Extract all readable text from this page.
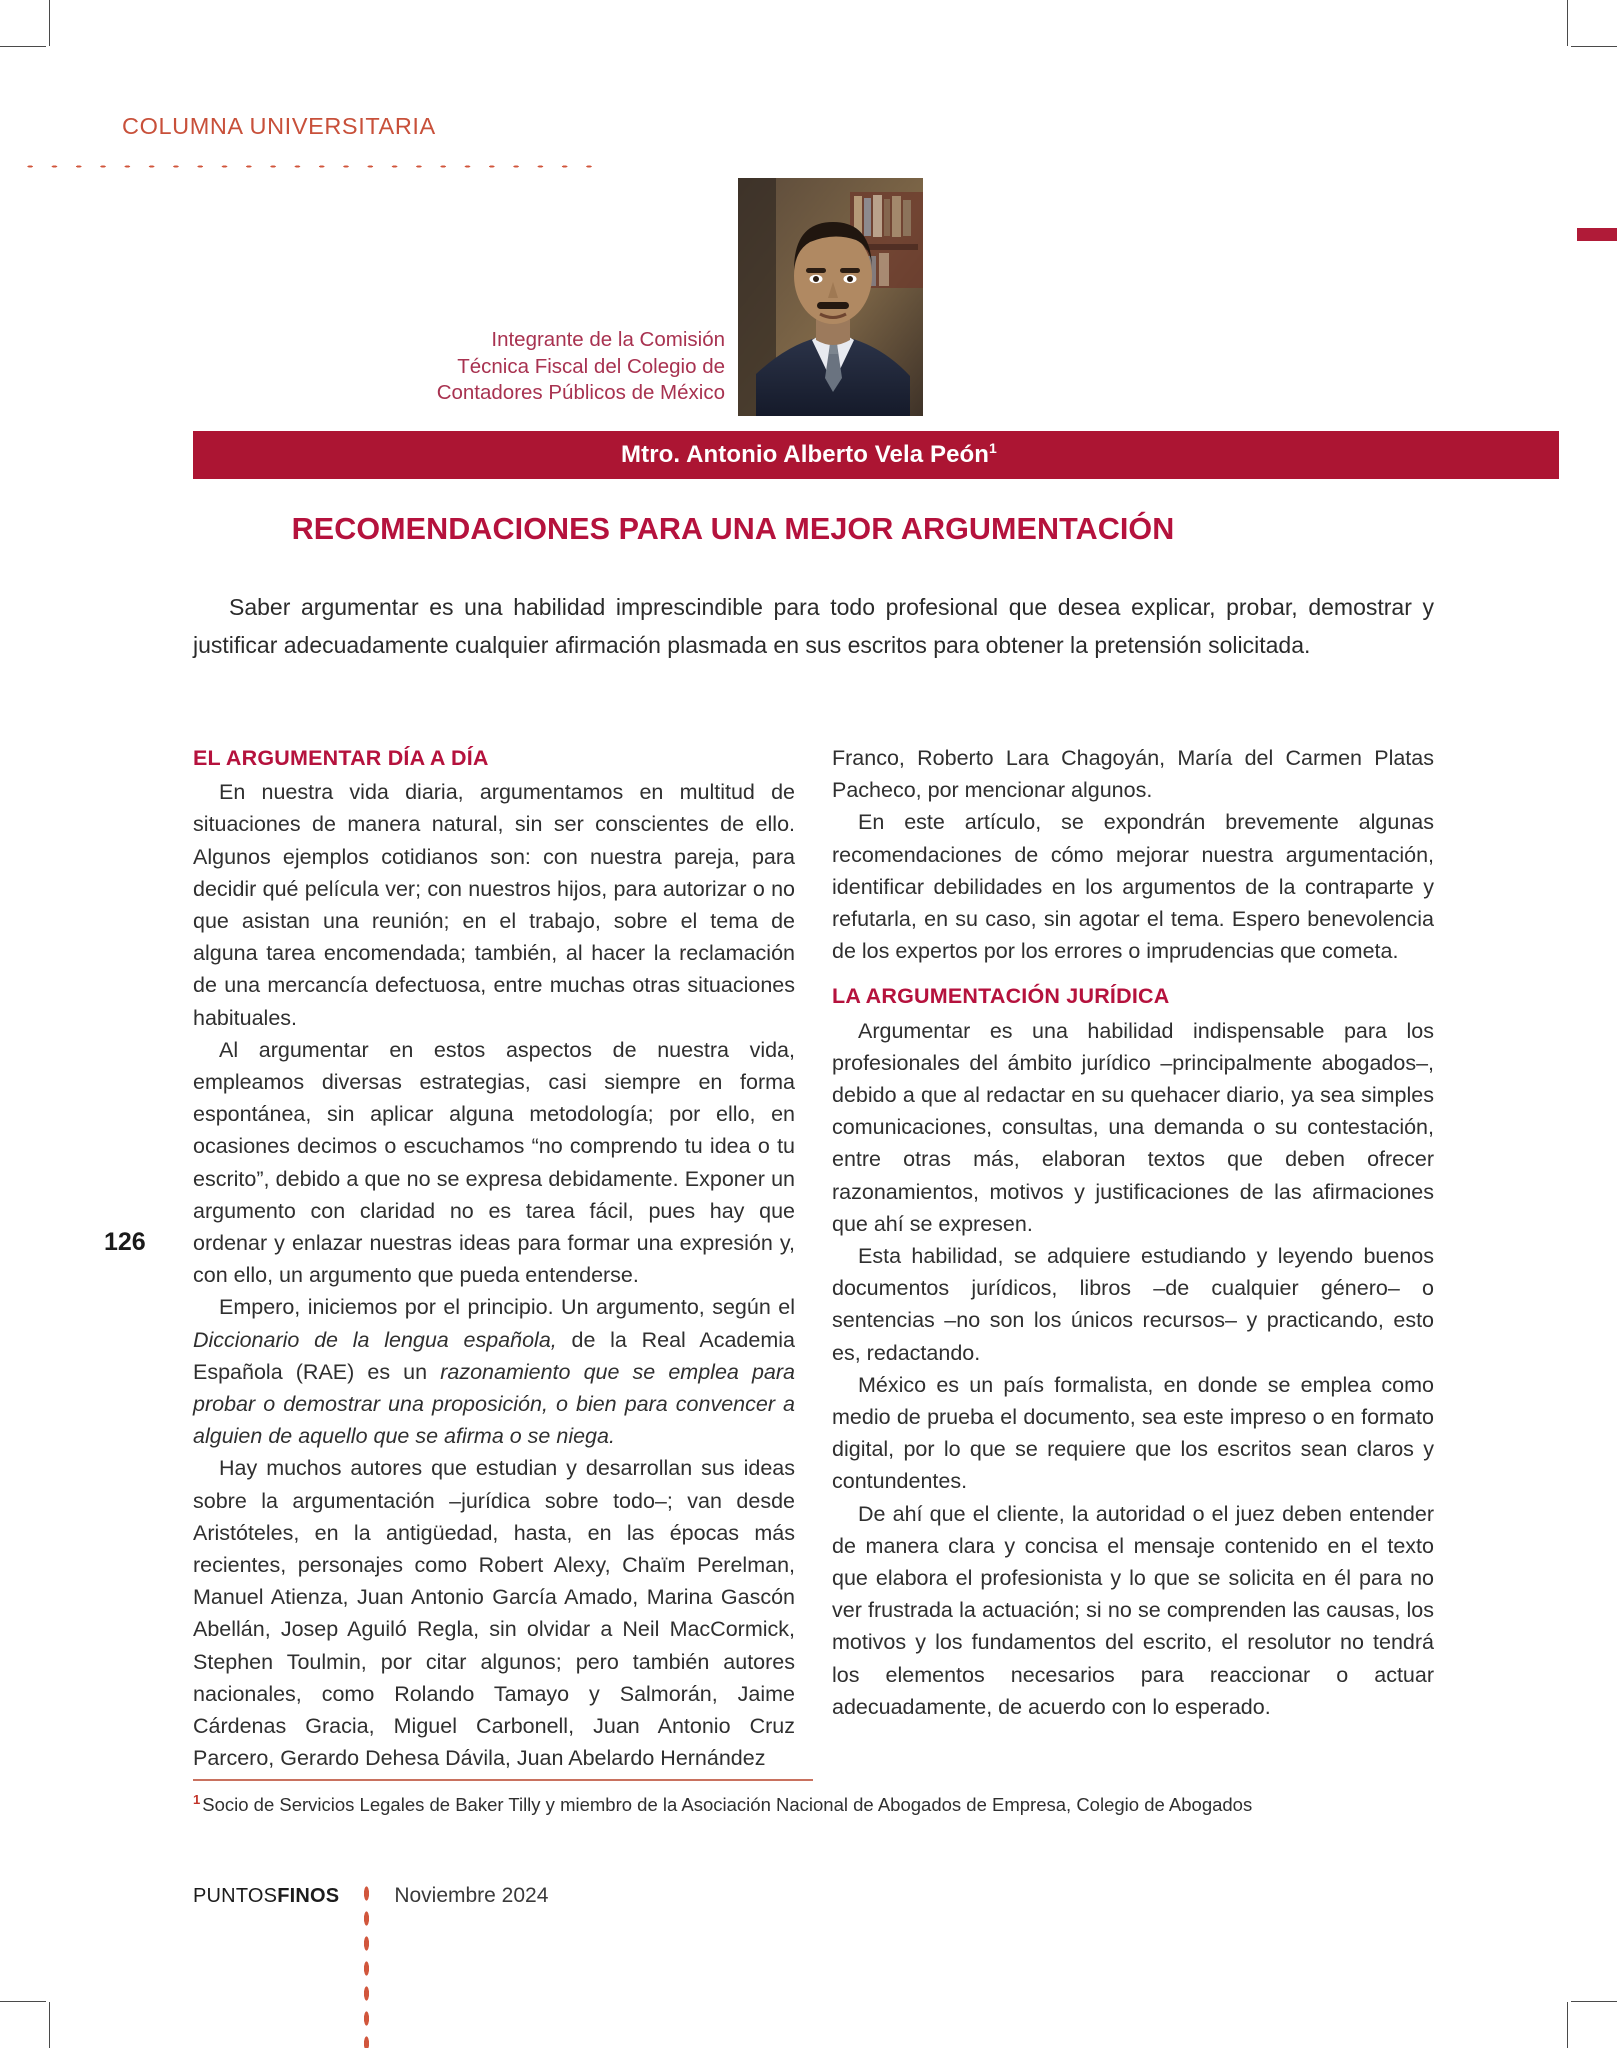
COLUMNA UNIVERSITARIA
Integrante de la Comisión
Técnica Fiscal del Colegio de
Contadores Públicos de México
Mtro. Antonio Alberto Vela Peón$^1$
RECOMENDACIONES PARA UNA MEJOR ARGUMENTACIÓN
Saber argumentar es una habilidad imprescindible para todo profesional que desea explicar, probar, demostrar y justificar adecuadamente cualquier afirmación plasmada en sus escritos para obtener la pretensión solicitada.
EL ARGUMENTAR DÍA A DÍA

En nuestra vida diaria, argumentamos en multitud de situaciones de manera natural, sin ser conscientes de ello. Algunos ejemplos cotidianos son: con nuestra pareja, para decidir qué película ver; con nuestros hijos, para autorizar o no que asistan una reunión; en el trabajo, sobre el tema de alguna tarea encomendada; también, al hacer la reclamación de una mercancía defectuosa, entre muchas otras situaciones habituales.

Al argumentar en estos aspectos de nuestra vida, empleamos diversas estrategias, casi siempre en forma espontánea, sin aplicar alguna metodología; por ello, en ocasiones decimos o escuchamos “no comprendo tu idea o tu escrito”, debido a que no se expresa debidamente. Exponer un argumento con claridad no es tarea fácil, pues hay que ordenar y enlazar nuestras ideas para formar una expresión y, con ello, un argumento que pueda entenderse.

Empero, iniciemos por el principio. Un argumento, según el Diccionario de la lengua española, de la Real Academia Española (RAE) es un razonamiento que se emplea para probar o demostrar una proposición, o bien para convencer a alguien de aquello que se afirma o se niega.

Hay muchos autores que estudian y desarrollan sus ideas sobre la argumentación –jurídica sobre todo–; van desde Aristóteles, en la antigüedad, hasta, en las épocas más recientes, personajes como Robert Alexy, Chaïm Perelman, Manuel Atienza, Juan Antonio García Amado, Marina Gascón Abellán, Josep Aguiló Regla, sin olvidar a Neil MacCormick, Stephen Toulmin, por citar algunos; pero también autores nacionales, como Rolando Tamayo y Salmorán, Jaime Cárdenas Gracia, Miguel Carbonell, Juan Antonio Cruz Parcero, Gerardo Dehesa Dávila, Juan Abelardo Hernández

Franco, Roberto Lara Chagoyán, María del Carmen Platas Pacheco, por mencionar algunos.

En este artículo, se expondrán brevemente algunas recomendaciones de cómo mejorar nuestra argumentación, identificar debilidades en los argumentos de la contraparte y refutarla, en su caso, sin agotar el tema. Espero benevolencia de los expertos por los errores o imprudencias que cometa.

LA ARGUMENTACIÓN JURÍDICA

Argumentar es una habilidad indispensable para los profesionales del ámbito jurídico –principalmente abogados–, debido a que al redactar en su quehacer diario, ya sea simples comunicaciones, consultas, una demanda o su contestación, entre otras más, elaboran textos que deben ofrecer razonamientos, motivos y justificaciones de las afirmaciones que ahí se expresen.

Esta habilidad, se adquiere estudiando y leyendo buenos documentos jurídicos, libros –de cualquier género– o sentencias –no son los únicos recursos– y practicando, esto es, redactando.

México es un país formalista, en donde se emplea como medio de prueba el documento, sea este impreso o en formato digital, por lo que se requiere que los escritos sean claros y contundentes.

De ahí que el cliente, la autoridad o el juez deben entender de manera clara y concisa el mensaje contenido en el texto que elabora el profesionista y lo que se solicita en él para no ver frustrada la actuación; si no se comprenden las causas, los motivos y los fundamentos del escrito, el resolutor no tendrá los elementos necesarios para reaccionar o actuar adecuadamente, de acuerdo con lo esperado.

126
$^1$ Socio de Servicios Legales de Baker Tilly y miembro de la Asociación Nacional de Abogados de Empresa, Colegio de Abogados
PUNTOSFINOS	Noviembre 2024
